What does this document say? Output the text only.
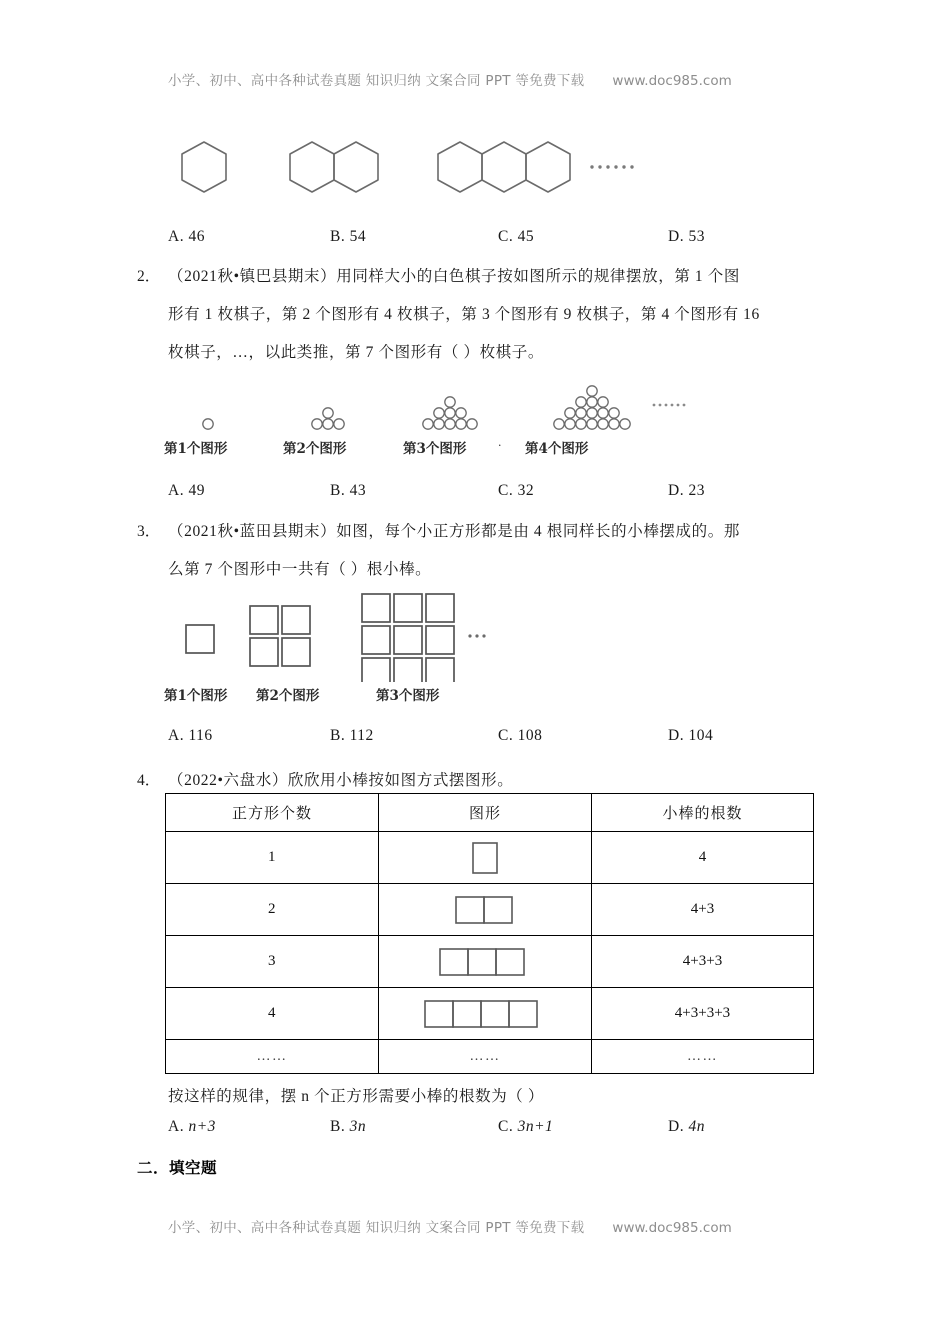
小学、初中、高中各种试卷真题 知识归纳 文案合同 PPT 等免费下载 www.doc985.com
A. 46	B. 54	C. 45	D. 53
2． （2021秋•镇巴县期末）用同样大小的白色棋子按如图所示的规律摆放，第 1 个图
形有 1 枚棋子，第 2 个图形有 4 枚棋子，第 3 个图形有 9 枚棋子，第 4 个图形有 16
枚棋子，…，以此类推，第 7 个图形有（ ）枚棋子。
第1个图形	第2个图形	第3个图形	· 第4个图形
A. 49	B. 43	C. 32	D. 23
3． （2021秋•蓝田县期末）如图，每个小正方形都是由 4 根同样长的小棒摆成的。那
么第 7 个图形中一共有（ ）根小棒。
第1个图形 第2个图形	第3个图形
A. 116	B. 112	C. 108	D. 104
4． （2022•六盘水）欣欣用小棒按如图方式摆图形。
正方形个数	图形	小棒的根数
1		4
2		4+3
3		4+3+3
4		4+3+3+3
……	……	……
按这样的规律，摆 n 个正方形需要小棒的根数为（ ）
A. n+3	B. 3n	C. 3n+1	D. 4n
二．填空题
小学、初中、高中各种试卷真题 知识归纳 文案合同 PPT 等免费下载 www.doc985.com
